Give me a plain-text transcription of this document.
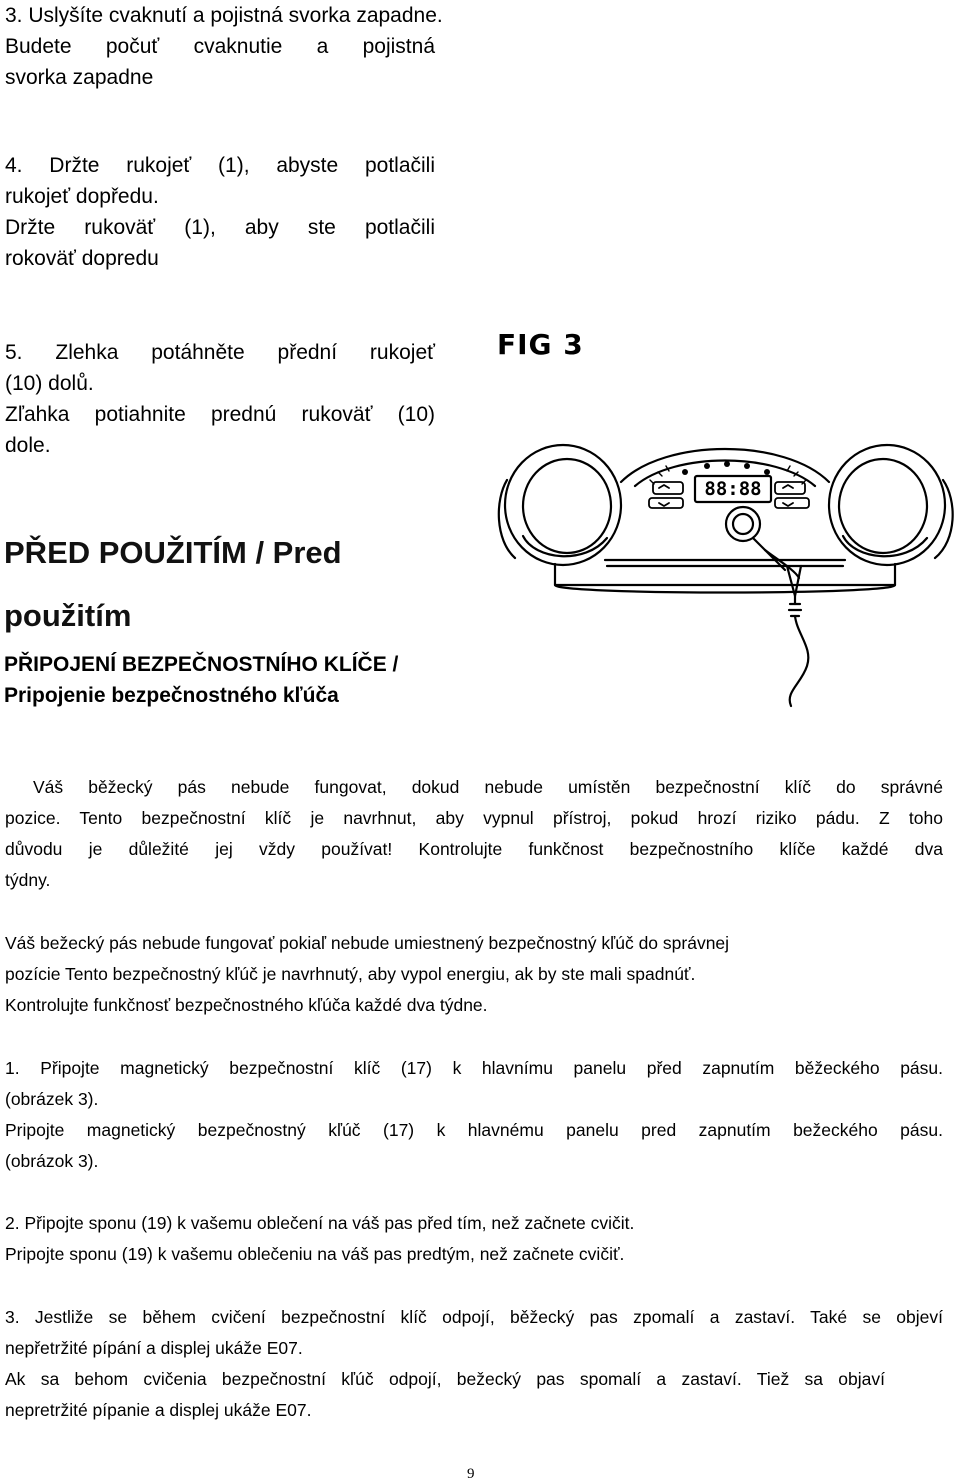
3. Uslyšíte cvaknutí a pojistná svorka zapadne.
Budete počuť cvaknutie a pojistná
svorka zapadne
4. Držte rukojeť (1), abyste potlačili
rukojeť dopředu.
Držte rukoväť (1), aby ste potlačili
rokoväť dopredu
5. Zlehka potáhněte přední rukojeť
(10) dolů.
Zľahka potiahnite prednú rukoväť (10)
dole.
PŘED POUŽITÍM / Pred
použitím
PŘIPOJENÍ BEZPEČNOSTNÍHO KLÍČE /
Pripojenie bezpečnostného kľúča
FIG 3
88:88
Váš běžecký pás nebude fungovat, dokud nebude umístěn bezpečnostní klíč do správné
pozice. Tento bezpečnostní klíč je navrhnut, aby vypnul přístroj, pokud hrozí riziko pádu. Z toho
důvodu je důležité jej vždy používat! Kontrolujte funkčnost bezpečnostního klíče každé dva
týdny.
Váš bežecký pás nebude fungovať pokiaľ nebude umiestnený bezpečnostný kľúč do správnej
pozície Tento bezpečnostný kľúč je navrhnutý, aby vypol energiu, ak by ste mali spadnúť.
Kontrolujte funkčnosť bezpečnostného kľúča každé dva týdne.
1. Připojte magnetický bezpečnostní klíč (17) k hlavnímu panelu před zapnutím běžeckého pásu.
(obrázek 3).
Pripojte magnetický bezpečnostný kľúč (17) k hlavnému panelu pred zapnutím bežeckého pásu.
(obrázok 3).
2. Připojte sponu (19) k vašemu oblečení na váš pas před tím, než začnete cvičit.
Pripojte sponu (19) k vašemu oblečeniu na váš pas predtým, než začnete cvičiť.
3. Jestliže se během cvičení bezpečnostní klíč odpojí, běžecký pas zpomalí a zastaví. Také se objeví
nepřetržité pípání a displej ukáže E07.
Ak sa behom cvičenia bezpečnostní kľúč odpojí, bežecký pas spomalí a zastaví. Tiež sa objaví
nepretržité pípanie a displej ukáže E07.
9
